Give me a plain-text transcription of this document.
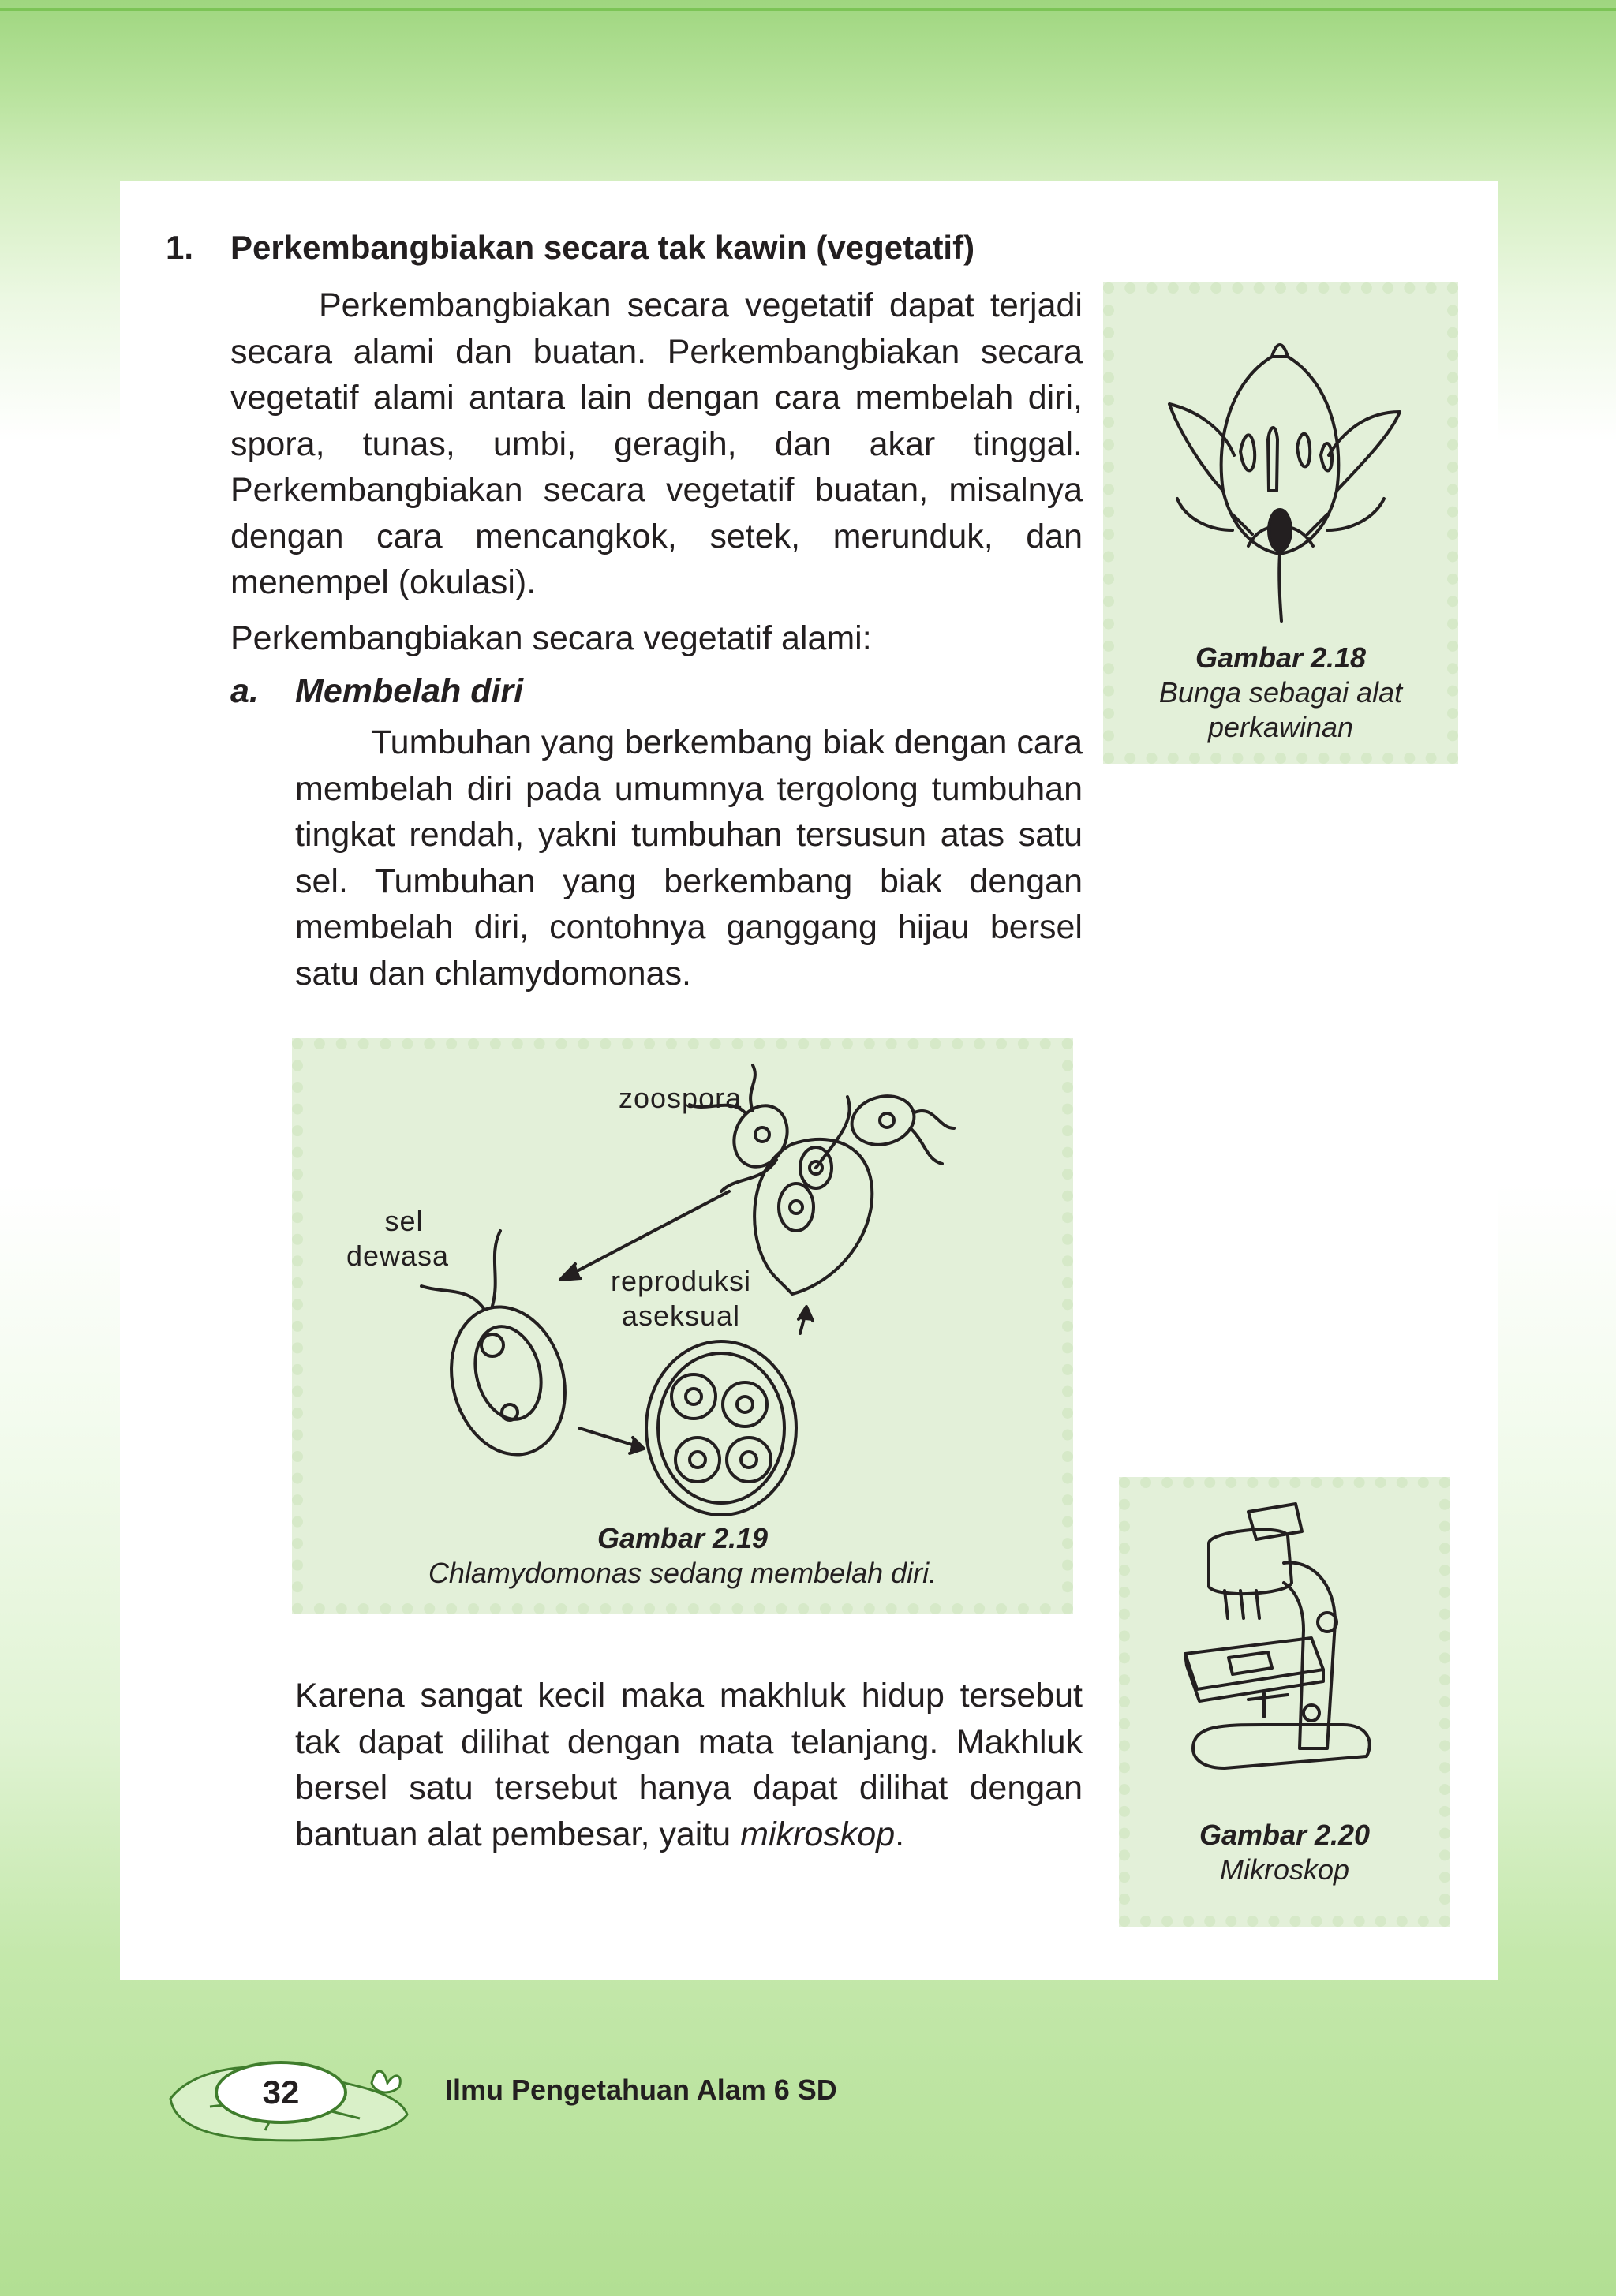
1. Perkembangbiakan secara tak kawin (vegetatif)

Perkembangbiakan secara vegetatif dapat terjadi secara alami dan buatan. Perkembangbiakan secara vegetatif alami antara lain dengan cara membelah diri, spora, tunas, umbi, geragih, dan akar tinggal. Perkembangbiakan secara vegetatif buatan, misalnya dengan cara mencangkok, setek, merunduk, dan menempel (okulasi).

Perkembangbiakan secara vegetatif alami:

a. Membelah diri

Tumbuhan yang berkembang biak dengan cara membelah diri pada umumnya tergolong tumbuhan tingkat rendah, yakni tumbuhan tersusun atas satu sel. Tumbuhan yang berkembang biak dengan membelah diri, contohnya ganggang hijau bersel satu dan chlamydomonas.

Karena sangat kecil maka makhluk hidup tersebut tak dapat dilihat dengan mata telanjang. Makhluk bersel satu tersebut hanya dapat dilihat dengan bantuan alat pembesar, yaitu mikroskop.

Gambar 2.18
Bunga sebagai alat perkawinan
zoospora
sel
dewasa
reproduksi
aseksual
Gambar 2.19
Chlamydomonas sedang membelah diri.
Gambar 2.20
Mikroskop
32	Ilmu Pengetahuan Alam 6 SD
